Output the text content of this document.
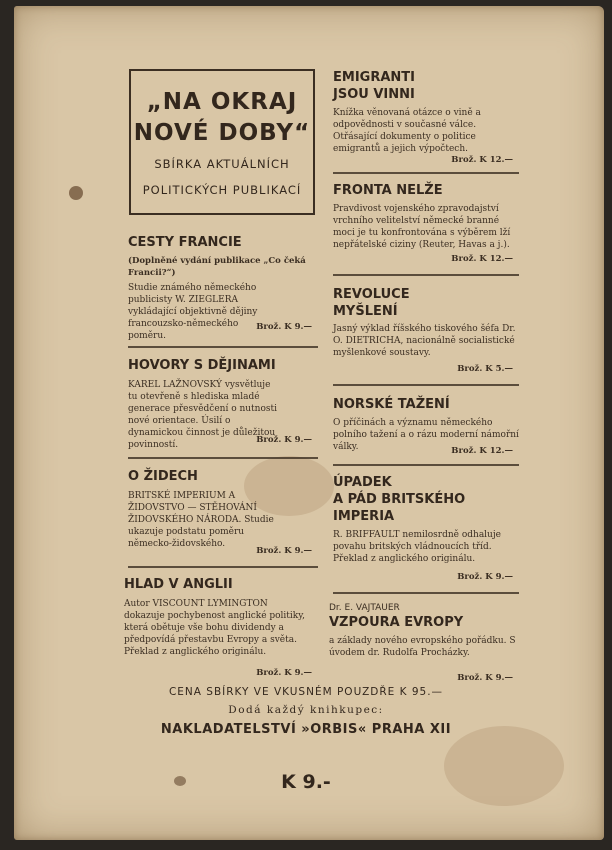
„NA OKRAJ
NOVÉ DOBY“
SBÍRKA AKTUÁLNÍCH
POLITICKÝCH PUBLIKACÍ

CESTY FRANCIE

(Doplněné vydání publikace „Co čeká Francii?“)

Studie známého německého publicisty W. ZIEGLERA vykládající objektivně dějiny francouzsko-německého poměru.

Brož. K 9.—

HOVORY S DĚJINAMI

KAREL LAŽNOVSKÝ vysvětluje tu otevřeně s hlediska mladé generace přesvědčení o nutnosti nové orientace. Úsilí o dynamickou činnost je důležitou povinností.	Brož. K 9.—

O ŽIDECH

BRITSKÉ IMPERIUM A ŽIDOVSTVO — STĚHOVÁNÍ ŽIDOVSKÉHO NÁRODA. Studie ukazuje podstatu poměru německo-židovského.

Brož. K 9.—

HLAD V ANGLII

Autor VISCOUNT LYMINGTON dokazuje pochybenost anglické politiky, která obětuje vše bohu dividendy a předpovídá přestavbu Evropy a světa. Překlad z anglického originálu.

Brož. K 9.—

EMIGRANTI

JSOU VINNI

Knížka věnovaná otázce o vině a odpovědnosti v současné válce. Otřásající dokumenty o politice emigrantů a jejich výpočtech.

Brož. K 12.—

FRONTA NELŽE

Pravdivost vojenského zpravodajství vrchního velitelství německé branné moci je tu konfrontována s výběrem lží nepřátelské ciziny (Reuter, Havas a j.).

Brož. K 12.—

REVOLUCE

MYŠLENÍ

Jasný výklad říšského tiskového šéfa Dr. O. DIETRICHA, nacionálně socialistické myšlenkové soustavy.

Brož. K 5.—

NORSKÉ TAŽENÍ

O příčinách a významu německého polního tažení a o rázu moderní námořní války.	Brož. K 12.—

ÚPADEK

A PÁD BRITSKÉHO

IMPERIA

R. BRIFFAULT nemilosrdně odhaluje povahu britských vládnoucích tříd. Překlad z anglického originálu.

Brož. K 9.—
Dr. E. VAJTAUER

VZPOURA EVROPY

a základy nového evropského pořádku. S úvodem dr. Rudolfa Procházky.

Brož. K 9.—
CENA SBÍRKY VE VKUSNÉM POUZDŘE K 95.—
Dodá každý knihkupec:
NAKLADATELSTVÍ »ORBIS« PRAHA XII
K 9.-
